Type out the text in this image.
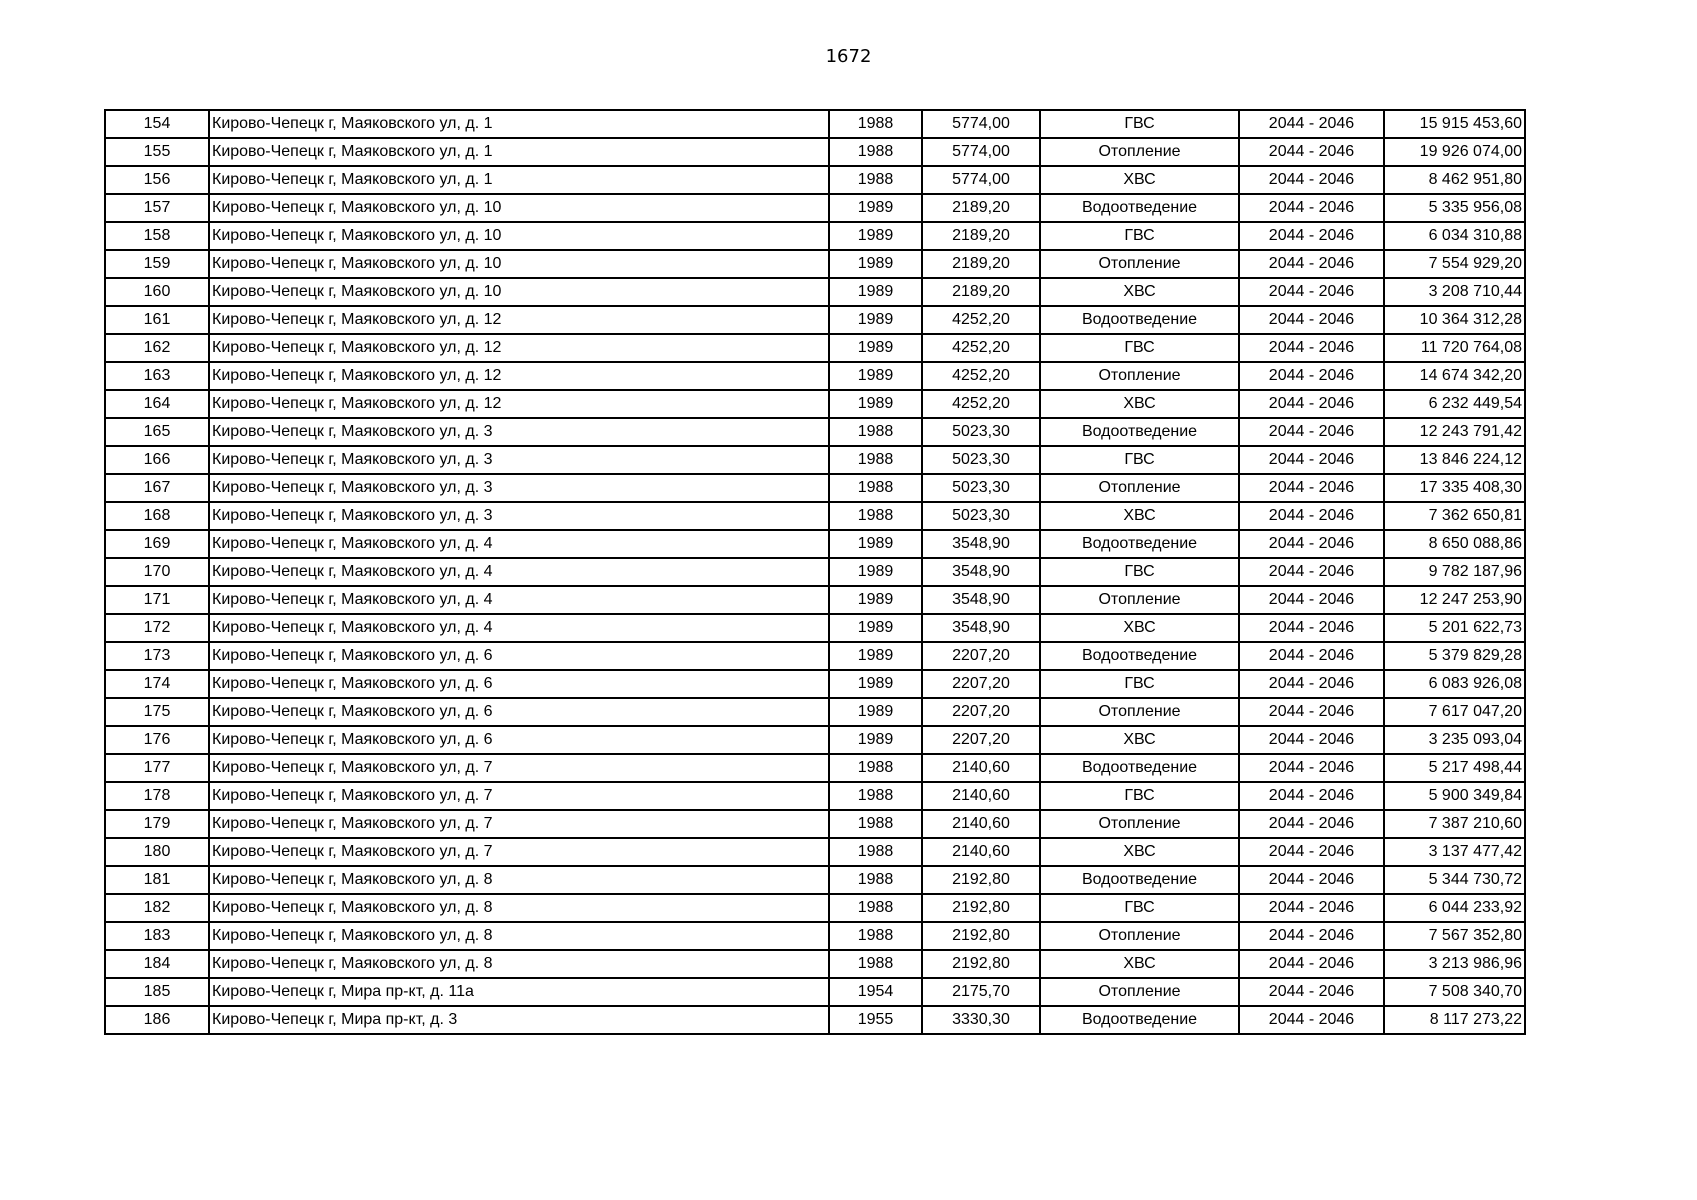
1672
154	Кирово-Чепецк г, Маяковского ул, д. 1	1988	5774,00	ГВС	2044 - 2046	15 915 453,60
155	Кирово-Чепецк г, Маяковского ул, д. 1	1988	5774,00	Отопление	2044 - 2046	19 926 074,00
156	Кирово-Чепецк г, Маяковского ул, д. 1	1988	5774,00	ХВС	2044 - 2046	8 462 951,80
157	Кирово-Чепецк г, Маяковского ул, д. 10	1989	2189,20	Водоотведение	2044 - 2046	5 335 956,08
158	Кирово-Чепецк г, Маяковского ул, д. 10	1989	2189,20	ГВС	2044 - 2046	6 034 310,88
159	Кирово-Чепецк г, Маяковского ул, д. 10	1989	2189,20	Отопление	2044 - 2046	7 554 929,20
160	Кирово-Чепецк г, Маяковского ул, д. 10	1989	2189,20	ХВС	2044 - 2046	3 208 710,44
161	Кирово-Чепецк г, Маяковского ул, д. 12	1989	4252,20	Водоотведение	2044 - 2046	10 364 312,28
162	Кирово-Чепецк г, Маяковского ул, д. 12	1989	4252,20	ГВС	2044 - 2046	11 720 764,08
163	Кирово-Чепецк г, Маяковского ул, д. 12	1989	4252,20	Отопление	2044 - 2046	14 674 342,20
164	Кирово-Чепецк г, Маяковского ул, д. 12	1989	4252,20	ХВС	2044 - 2046	6 232 449,54
165	Кирово-Чепецк г, Маяковского ул, д. 3	1988	5023,30	Водоотведение	2044 - 2046	12 243 791,42
166	Кирово-Чепецк г, Маяковского ул, д. 3	1988	5023,30	ГВС	2044 - 2046	13 846 224,12
167	Кирово-Чепецк г, Маяковского ул, д. 3	1988	5023,30	Отопление	2044 - 2046	17 335 408,30
168	Кирово-Чепецк г, Маяковского ул, д. 3	1988	5023,30	ХВС	2044 - 2046	7 362 650,81
169	Кирово-Чепецк г, Маяковского ул, д. 4	1989	3548,90	Водоотведение	2044 - 2046	8 650 088,86
170	Кирово-Чепецк г, Маяковского ул, д. 4	1989	3548,90	ГВС	2044 - 2046	9 782 187,96
171	Кирово-Чепецк г, Маяковского ул, д. 4	1989	3548,90	Отопление	2044 - 2046	12 247 253,90
172	Кирово-Чепецк г, Маяковского ул, д. 4	1989	3548,90	ХВС	2044 - 2046	5 201 622,73
173	Кирово-Чепецк г, Маяковского ул, д. 6	1989	2207,20	Водоотведение	2044 - 2046	5 379 829,28
174	Кирово-Чепецк г, Маяковского ул, д. 6	1989	2207,20	ГВС	2044 - 2046	6 083 926,08
175	Кирово-Чепецк г, Маяковского ул, д. 6	1989	2207,20	Отопление	2044 - 2046	7 617 047,20
176	Кирово-Чепецк г, Маяковского ул, д. 6	1989	2207,20	ХВС	2044 - 2046	3 235 093,04
177	Кирово-Чепецк г, Маяковского ул, д. 7	1988	2140,60	Водоотведение	2044 - 2046	5 217 498,44
178	Кирово-Чепецк г, Маяковского ул, д. 7	1988	2140,60	ГВС	2044 - 2046	5 900 349,84
179	Кирово-Чепецк г, Маяковского ул, д. 7	1988	2140,60	Отопление	2044 - 2046	7 387 210,60
180	Кирово-Чепецк г, Маяковского ул, д. 7	1988	2140,60	ХВС	2044 - 2046	3 137 477,42
181	Кирово-Чепецк г, Маяковского ул, д. 8	1988	2192,80	Водоотведение	2044 - 2046	5 344 730,72
182	Кирово-Чепецк г, Маяковского ул, д. 8	1988	2192,80	ГВС	2044 - 2046	6 044 233,92
183	Кирово-Чепецк г, Маяковского ул, д. 8	1988	2192,80	Отопление	2044 - 2046	7 567 352,80
184	Кирово-Чепецк г, Маяковского ул, д. 8	1988	2192,80	ХВС	2044 - 2046	3 213 986,96
185	Кирово-Чепецк г, Мира пр-кт, д. 11а	1954	2175,70	Отопление	2044 - 2046	7 508 340,70
186	Кирово-Чепецк г, Мира пр-кт, д. 3	1955	3330,30	Водоотведение	2044 - 2046	8 117 273,22
